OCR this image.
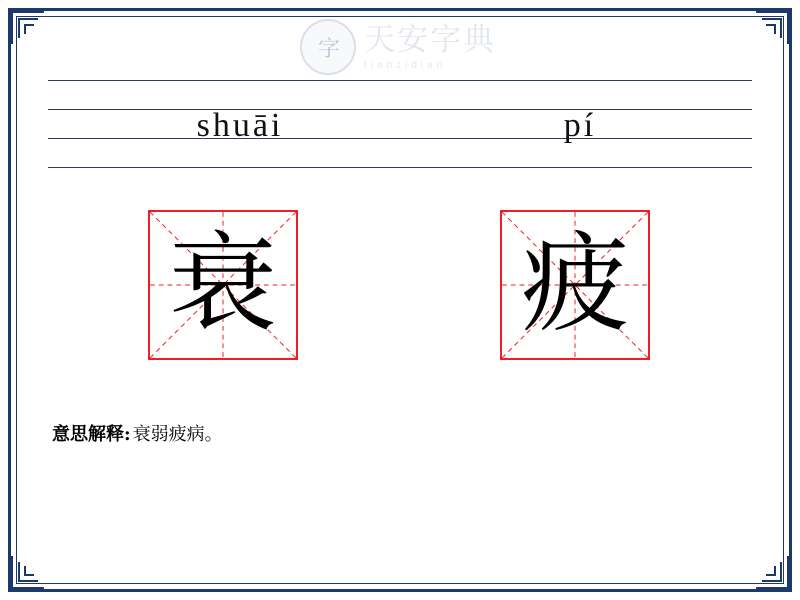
字 天安字典
tianzidian
shuāi	pí
衰 疲
意思解释: 衰弱疲病。
